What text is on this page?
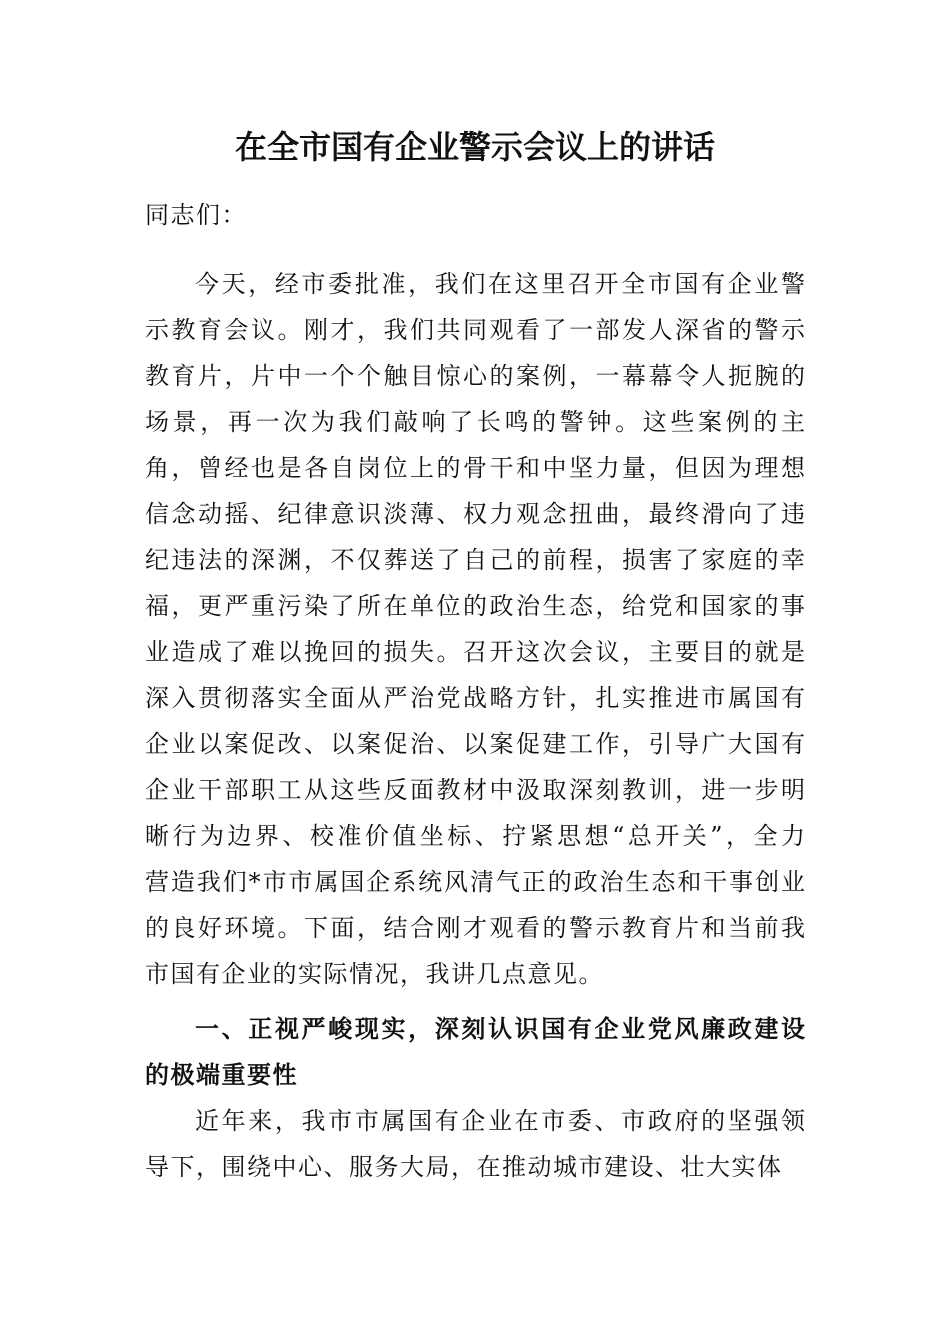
在全市国有企业警示会议上的讲话
同志们：
今天，经市委批准，我们在这里召开全市国有企业警
示教育会议。刚才，我们共同观看了一部发人深省的警示
教育片，片中一个个触目惊心的案例，一幕幕令人扼腕的
场景，再一次为我们敲响了长鸣的警钟。这些案例的主
角，曾经也是各自岗位上的骨干和中坚力量，但因为理想
信念动摇、纪律意识淡薄、权力观念扭曲，最终滑向了违
纪违法的深渊，不仅葬送了自己的前程，损害了家庭的幸
福，更严重污染了所在单位的政治生态，给党和国家的事
业造成了难以挽回的损失。召开这次会议，主要目的就是
深入贯彻落实全面从严治党战略方针，扎实推进市属国有
企业以案促改、以案促治、以案促建工作，引导广大国有
企业干部职工从这些反面教材中汲取深刻教训，进一步明
晰行为边界、校准价值坐标、拧紧思想“总开关”，全力
营造我们*市市属国企系统风清气正的政治生态和干事创业
的良好环境。下面，结合刚才观看的警示教育片和当前我
市国有企业的实际情况，我讲几点意见。
一、正视严峻现实，深刻认识国有企业党风廉政建设
的极端重要性
近年来，我市市属国有企业在市委、市政府的坚强领
导下，围绕中心、服务大局，在推动城市建设、壮大实体
